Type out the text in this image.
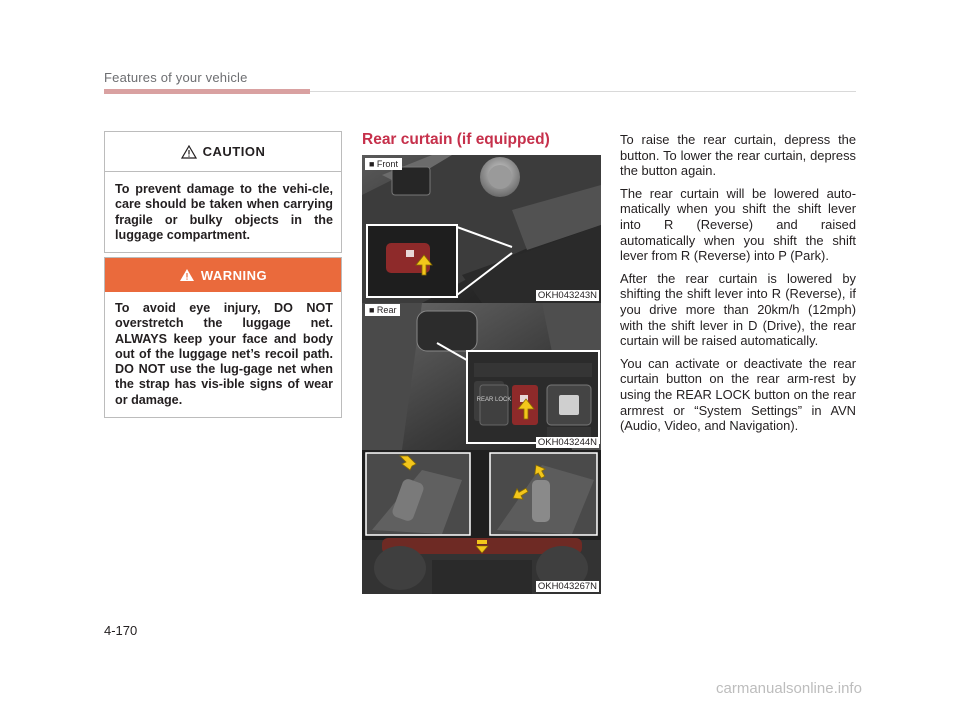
Features of your vehicle
CAUTION
To prevent damage to the vehi-cle, care should be taken when carrying fragile or bulky objects in the luggage compartment.
WARNING
To avoid eye injury, DO NOT overstretch the luggage net. ALWAYS keep your face and body out of the luggage net’s recoil path. DO NOT use the lug-gage net when the strap has vis-ible signs of wear or damage.
Rear curtain (if equipped)
■ Front
OKH043243N
REAR LOCK
■ Rear
OKH043244N
OKH043267N

To raise the rear curtain, depress the button. To lower the rear curtain, depress the button again.

The rear curtain will be lowered auto-matically when you shift the shift lever into R (Reverse) and raised automatically when you shift the shift lever from R (Reverse) into P (Park).

After the rear curtain is lowered by shifting the shift lever into R (Reverse), if you drive more than 20km/h (12mph) with the shift lever in D (Drive), the rear curtain will be raised automatically.

You can activate or deactivate the rear curtain button on the rear arm-rest by using the REAR LOCK button on the rear armrest or “System Settings” in AVN (Audio, Video, and Navigation).

4-170
carmanualsonline.info
